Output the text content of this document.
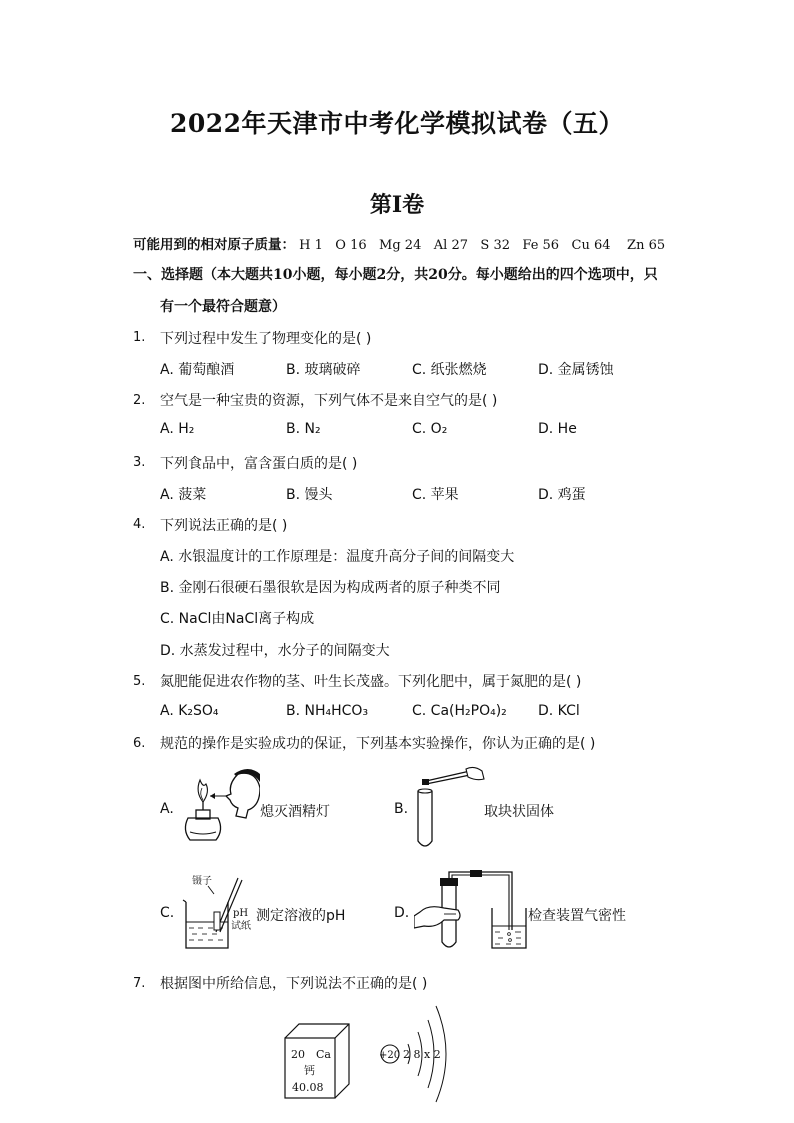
2022年天津市中考化学模拟试卷（五）
第Ⅰ卷
可能用到的相对原子质量： H 1 O 16 Mg 24 Al 27 S 32 Fe 56 Cu 64 Zn 65
一、选择题（本大题共10小题，每小题2分，共20分。每小题给出的四个选项中，只
有一个最符合题意）
1. 下列过程中发生了物理变化的是( )
A. 葡萄酿酒	B. 玻璃破碎	C. 纸张燃烧	D. 金属锈蚀
2. 空气是一种宝贵的资源，下列气体不是来自空气的是( )
A. H₂	B. N₂	C. O₂	D. He
3. 下列食品中，富含蛋白质的是( )
A. 菠菜	B. 馒头	C. 苹果	D. 鸡蛋
4. 下列说法正确的是( )
A. 水银温度计的工作原理是：温度升高分子间的间隔变大
B. 金刚石很硬石墨很软是因为构成两者的原子种类不同
C. NaCl由NaCl离子构成
D. 水蒸发过程中，水分子的间隔变大
5. 氮肥能促进农作物的茎、叶生长茂盛。下列化肥中，属于氮肥的是( )
A. K₂SO₄	B. NH₄HCO₃	C. Ca(H₂PO₄)₂ D. KCl
6. 规范的操作是实验成功的保证，下列基本实验操作，你认为正确的是( )
A.	熄灭酒精灯	B.	取块状固体
C.
镊子
pH
试纸
测定溶液的pH	D.	检查装置气密性
7. 根据图中所给信息，下列说法不正确的是( )
20 Ca
钙
40.08
+20 2 8 x 2
